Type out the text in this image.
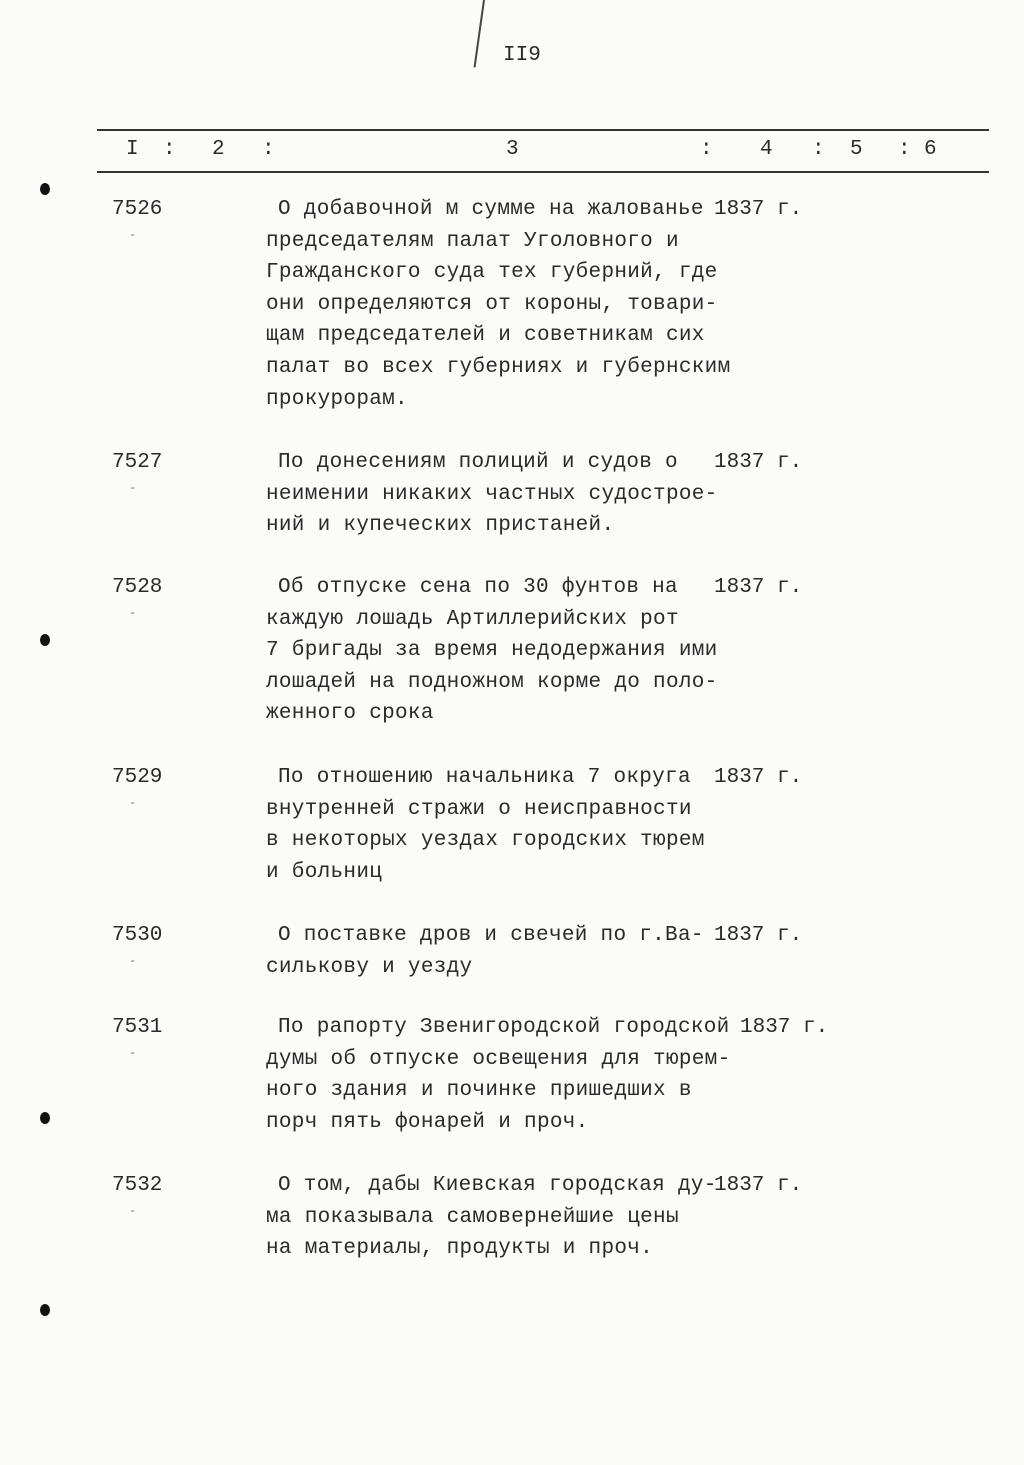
II9
I : 2 :	3	: 4 : 5 : 6
7526
-
О добавочной м сумме на жалованье
председателям палат Уголовного и
Гражданского суда тех губерний, где
они определяются от короны, товари-
щам председателей и советникам сих
палат во всех губерниях и губернским
прокурорам.
1837 г.
7527
-
По донесениям полиций и судов о
неимении никаких частных судострое-
ний и купеческих пристаней.
1837 г.
7528
-
Об отпуске сена по 30 фунтов на
каждую лошадь Артиллерийских рот
7 бригады за время недодержания ими
лошадей на подножном корме до поло-
женного срока
1837 г.
7529
-
По отношению начальника 7 округа
внутренней стражи о неисправности
в некоторых уездах городских тюрем
и больниц
1837 г.
7530
-
О поставке дров и свечей по г.Ва-
силькову и уезду
1837 г.
7531
-
По рапорту Звенигородской городской
думы об отпуске освещения для тюрем-
ного здания и починке пришедших в
порч пять фонарей и проч.
1837 г.
7532
-
О том, дабы Киевская городская ду-
ма показывала самовернейшие цены
на материалы, продукты и проч.
1837 г.
